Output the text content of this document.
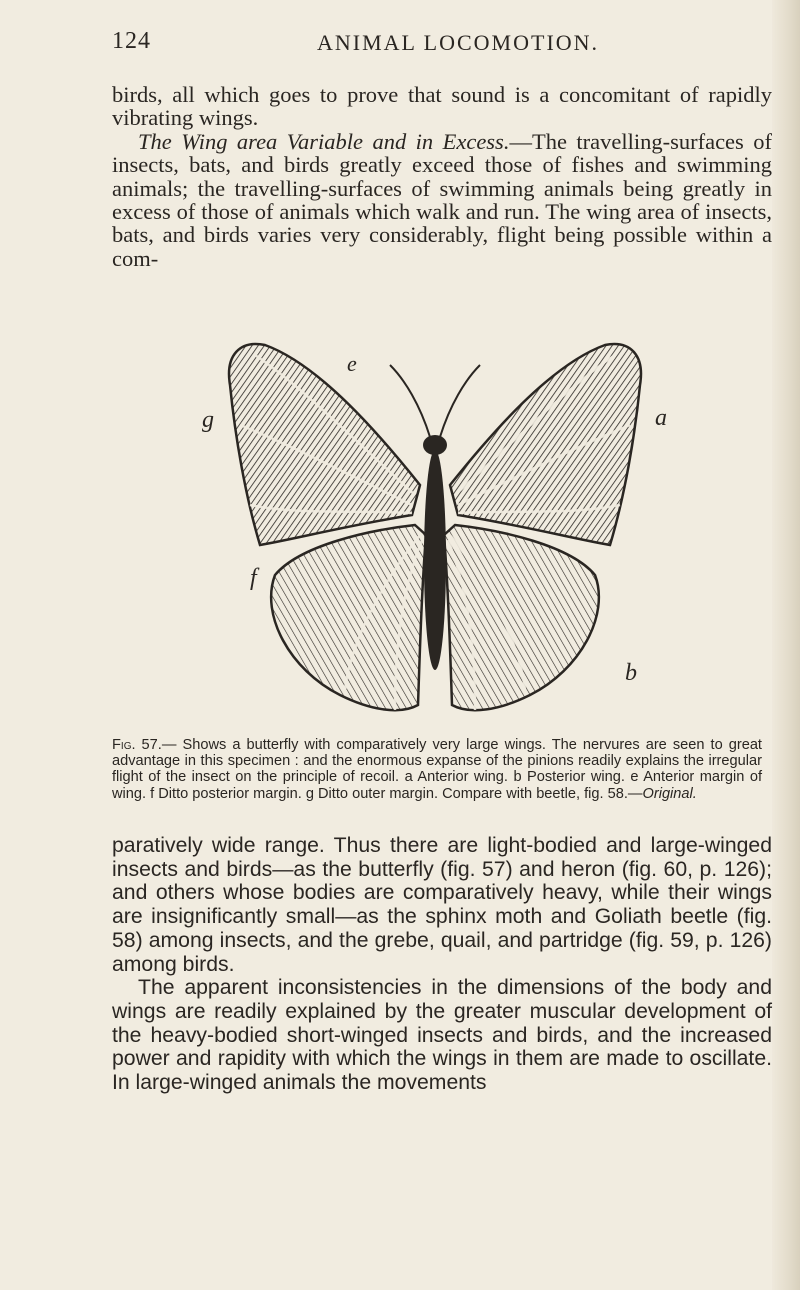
124	ANIMAL LOCOMOTION.

birds, all which goes to prove that sound is a concomitant of rapidly vibrating wings.
The Wing area Variable and in Excess.—The travelling-surfaces of insects, bats, and birds greatly exceed those of fishes and swimming animals; the travelling-surfaces of swimming animals being greatly in excess of those of animals which walk and run. The wing area of insects, bats, and birds varies very considerably, flight being possible within a com-

e
g	a
f
b

Fig. 57.— Shows a butterfly with comparatively very large wings. The nervures are seen to great advantage in this specimen : and the enormous expanse of the pinions readily explains the irregular flight of the insect on the principle of recoil. a Anterior wing. b Posterior wing. e Anterior margin of wing. f Ditto posterior margin. g Ditto outer margin. Compare with beetle, fig. 58.—Original.

paratively wide range. Thus there are light-bodied and large-winged insects and birds—as the butterfly (fig. 57) and heron (fig. 60, p. 126); and others whose bodies are comparatively heavy, while their wings are insignificantly small—as the sphinx moth and Goliath beetle (fig. 58) among insects, and the grebe, quail, and partridge (fig. 59, p. 126) among birds.
The apparent inconsistencies in the dimensions of the body and wings are readily explained by the greater muscular development of the heavy-bodied short-winged insects and birds, and the increased power and rapidity with which the wings in them are made to oscillate. In large-winged animals the movements
